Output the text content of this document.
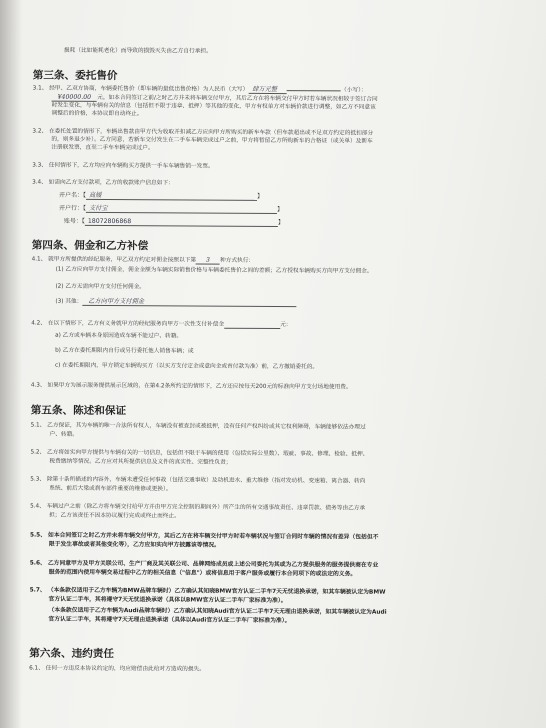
损耗（比如能耗老化）而导致的损毁灭失由乙方自行承担。
第三条、委托售价
3.1、 经甲、乙双方协商，车辆委托售价（即车辆的最低出售价格）为人民币（大写） 肆万元整	（小写）：
¥40000.00 元。如本合同签订之前/之时乙方并未将车辆交付甲方，其后乙方在将车辆交付甲方时若车辆状况相较于签订合同
时发生变化，与车辆有关的信息（包括但不限于违章、抵押）等其他的变化，甲方有权单方对车辆价款进行调整，如乙方不同意该
调整后的价格，本协议即自动终止。
3.2、 在委托处置的情形下，车辆出售款由甲方代为收取并扣减乙方应向甲方所购买的新车车款（但车款超出或不足双方约定的抵扣部分
的，则多退少补）。乙方同意，若新车交付发生在二手车车辆完成过户之前，甲方将暂留乙方所购新车的合格证（或关单）及新车
注册联发票，直至二手车车辆完成过户。
3.3、 任何情形下，乙方均应向车辆购买方提供一手车车辆售销一发票。
3.4、 如需向乙方支付款项，乙方的收款账户信息如下：
开户名：【 高媛	】
开户行：【 支付宝	】
账号：【 18072806868	】
第四条、佣金和乙方补偿
4.1、 就甲方所提供的经纪服务，甲乙双方约定对佣金按照以下第 3 种方式执行：
(1) 乙方应向甲方支付佣金，佣金金额为车辆实际销售价格与车辆委托售价之间的差额；乙方授权车辆购买方向甲方支付佣金。
(2) 乙方无需向甲方支付任何佣金。
(3) 其他： 乙方向甲方支付佣金
4.2、 在以下情形下，乙方有义务就甲方的经纪服务向甲方一次性支付补偿金	元：
a) 乙方或车辆本身原因造成车辆不能过户、转籍。
b) 乙方在委托期限内自行或另行委托他人销售车辆；或
c) 在委托期限内，甲方锁定车辆购买方（以买方支付定金或意向金或首付款为准）前，乙方撤销委托的。
4.3、 如果甲方为展示服务提供展示区域的，在第4.2条所约定的情形下，乙方还应按每天200元的标准向甲方支付场地使用费。
第五条、陈述和保证
5.1、 乙方保证，其为车辆的唯一合法所有权人，车辆没有被查封或被抵押，没有任何产权纠纷或其它权利障碍，车辆能够依法办理过
户、转籍。
5.2、 乙方将如实向甲方提供与车辆有关的一切信息，包括但不限于车辆的使用（包括实际公里数）、瑕疵、事故、修理、检验、抵押、
税费缴纳等情况。乙方应对其所提供信息及文件的真实性、完整性负责；
5.3、 除第十条所描述的内容外，车辆未遭受任何事故（包括交通事故）及动机进水、重大维修（指对发动机、变速箱、离合器、转向
系统、前后大梁或刹车部件重要的维修或更换）。
5.4、 车辆过户之前（除乙方将车辆交付给甲方并由甲方完全控制的期间外）所产生的所有交通事故责任、违章罚款、债务等由乙方承
担；乙方该责任不因本协议履行完成或终止而终止。
5.5、 如本合同签订之时乙方并未将车辆交付甲方，其后乙方在将车辆交付甲方时若车辆状况与签订合同时车辆的情况有差异（包括但不
限于发生事故或者其他变化等），乙方应如实向甲方披露该等情况。
5.6、 乙方同意甲方及甲方关联公司、生产厂商及其关联公司、品牌网络成员或上述公司委托为其或为乙方提供服务的服务提供商在专业
服务的范围内使用车辆交易过程中乙方的相关信息（"信息"）或将信息用于客户服务或履行本合同项下的或法定的义务。
5.7、 （本条款仅适用于乙方车辆为BMW品牌车辆时）乙方确认其知晓BMW官方认证二手车7天无忧退换承诺，如其车辆被认定为BMW
官方认证二手车，其将遵守7天无忧退换承诺（具体以BMW官方认证二手车厂家标准为准）。
（本条款仅适用于乙方车辆为Audi品牌车辆时）乙方确认其知晓Audi官方认证二手车7天无理由退换承诺，如其车辆被认定为Audi
官方认证二手车，其将遵守7天无理由退换承诺（具体以Audi官方认证二手车厂家标准为准）。
第六条、违约责任
6.1、 任何一方违反本协议约定的，均应赔偿由此给对方造成的损失。
